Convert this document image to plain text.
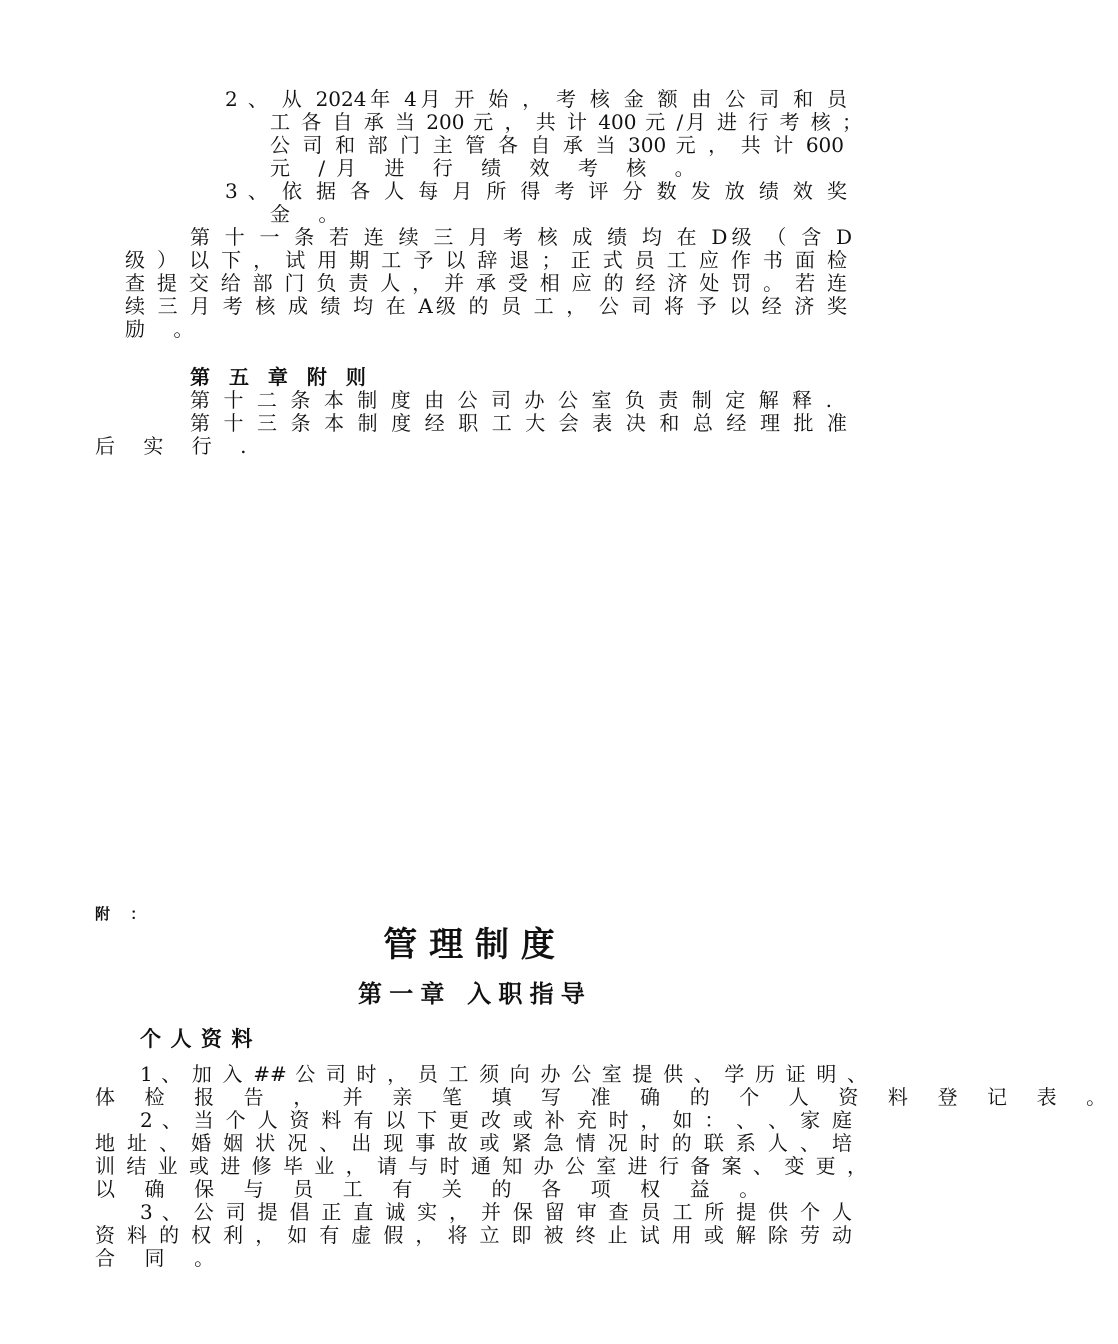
2 、 从 2024年 4月 开 始 ， 考 核 金 额 由 公 司 和 员
工 各 自 承 当 200 元 ， 共 计 400 元 /月 进 行 考 核 ；
公 司 和 部 门 主 管 各 自 承 当 300 元 ， 共 计 600
元 /月 进 行 绩 效 考 核 。
3 、 依 据 各 人 每 月 所 得 考 评 分 数 发 放 绩 效 奖
金 。
第 十 一 条 若 连 续 三 月 考 核 成 绩 均 在 D级 （ 含 D
级 ） 以 下 ， 试 用 期 工 予 以 辞 退 ； 正 式 员 工 应 作 书 面 检
查 提 交 给 部 门 负 责 人 ， 并 承 受 相 应 的 经 济 处 罚 。 若 连
续 三 月 考 核 成 绩 均 在 A级 的 员 工 ， 公 司 将 予 以 经 济 奖
励 。
第 五 章 附 则
第 十 二 条 本 制 度 由 公 司 办 公 室 负 责 制 定 解 释 .
第 十 三 条 本 制 度 经 职 工 大 会 表 决 和 总 经 理 批 准
后 实 行 .
附 ：
管理制度
第一章 入职指导
个人资料
1 、 加 入 ## 公 司 时 ， 员 工 须 向 办 公 室 提 供 、 学 历 证 明 、
体 检 报 告 ， 并 亲 笔 填 写 准 确 的 个 人 资 料 登 记 表 。
2 、 当 个 人 资 料 有 以 下 更 改 或 补 充 时 ， 如 ： 、 、 家 庭
地 址 、 婚 姻 状 况 、 出 现 事 故 或 紧 急 情 况 时 的 联 系 人 、 培
训 结 业 或 进 修 毕 业 ， 请 与 时 通 知 办 公 室 进 行 备 案 、 变 更 ，
以 确 保 与 员 工 有 关 的 各 项 权 益 。
3 、 公 司 提 倡 正 直 诚 实 ， 并 保 留 审 查 员 工 所 提 供 个 人
资 料 的 权 利 ， 如 有 虚 假 ， 将 立 即 被 终 止 试 用 或 解 除 劳 动
合 同 。
